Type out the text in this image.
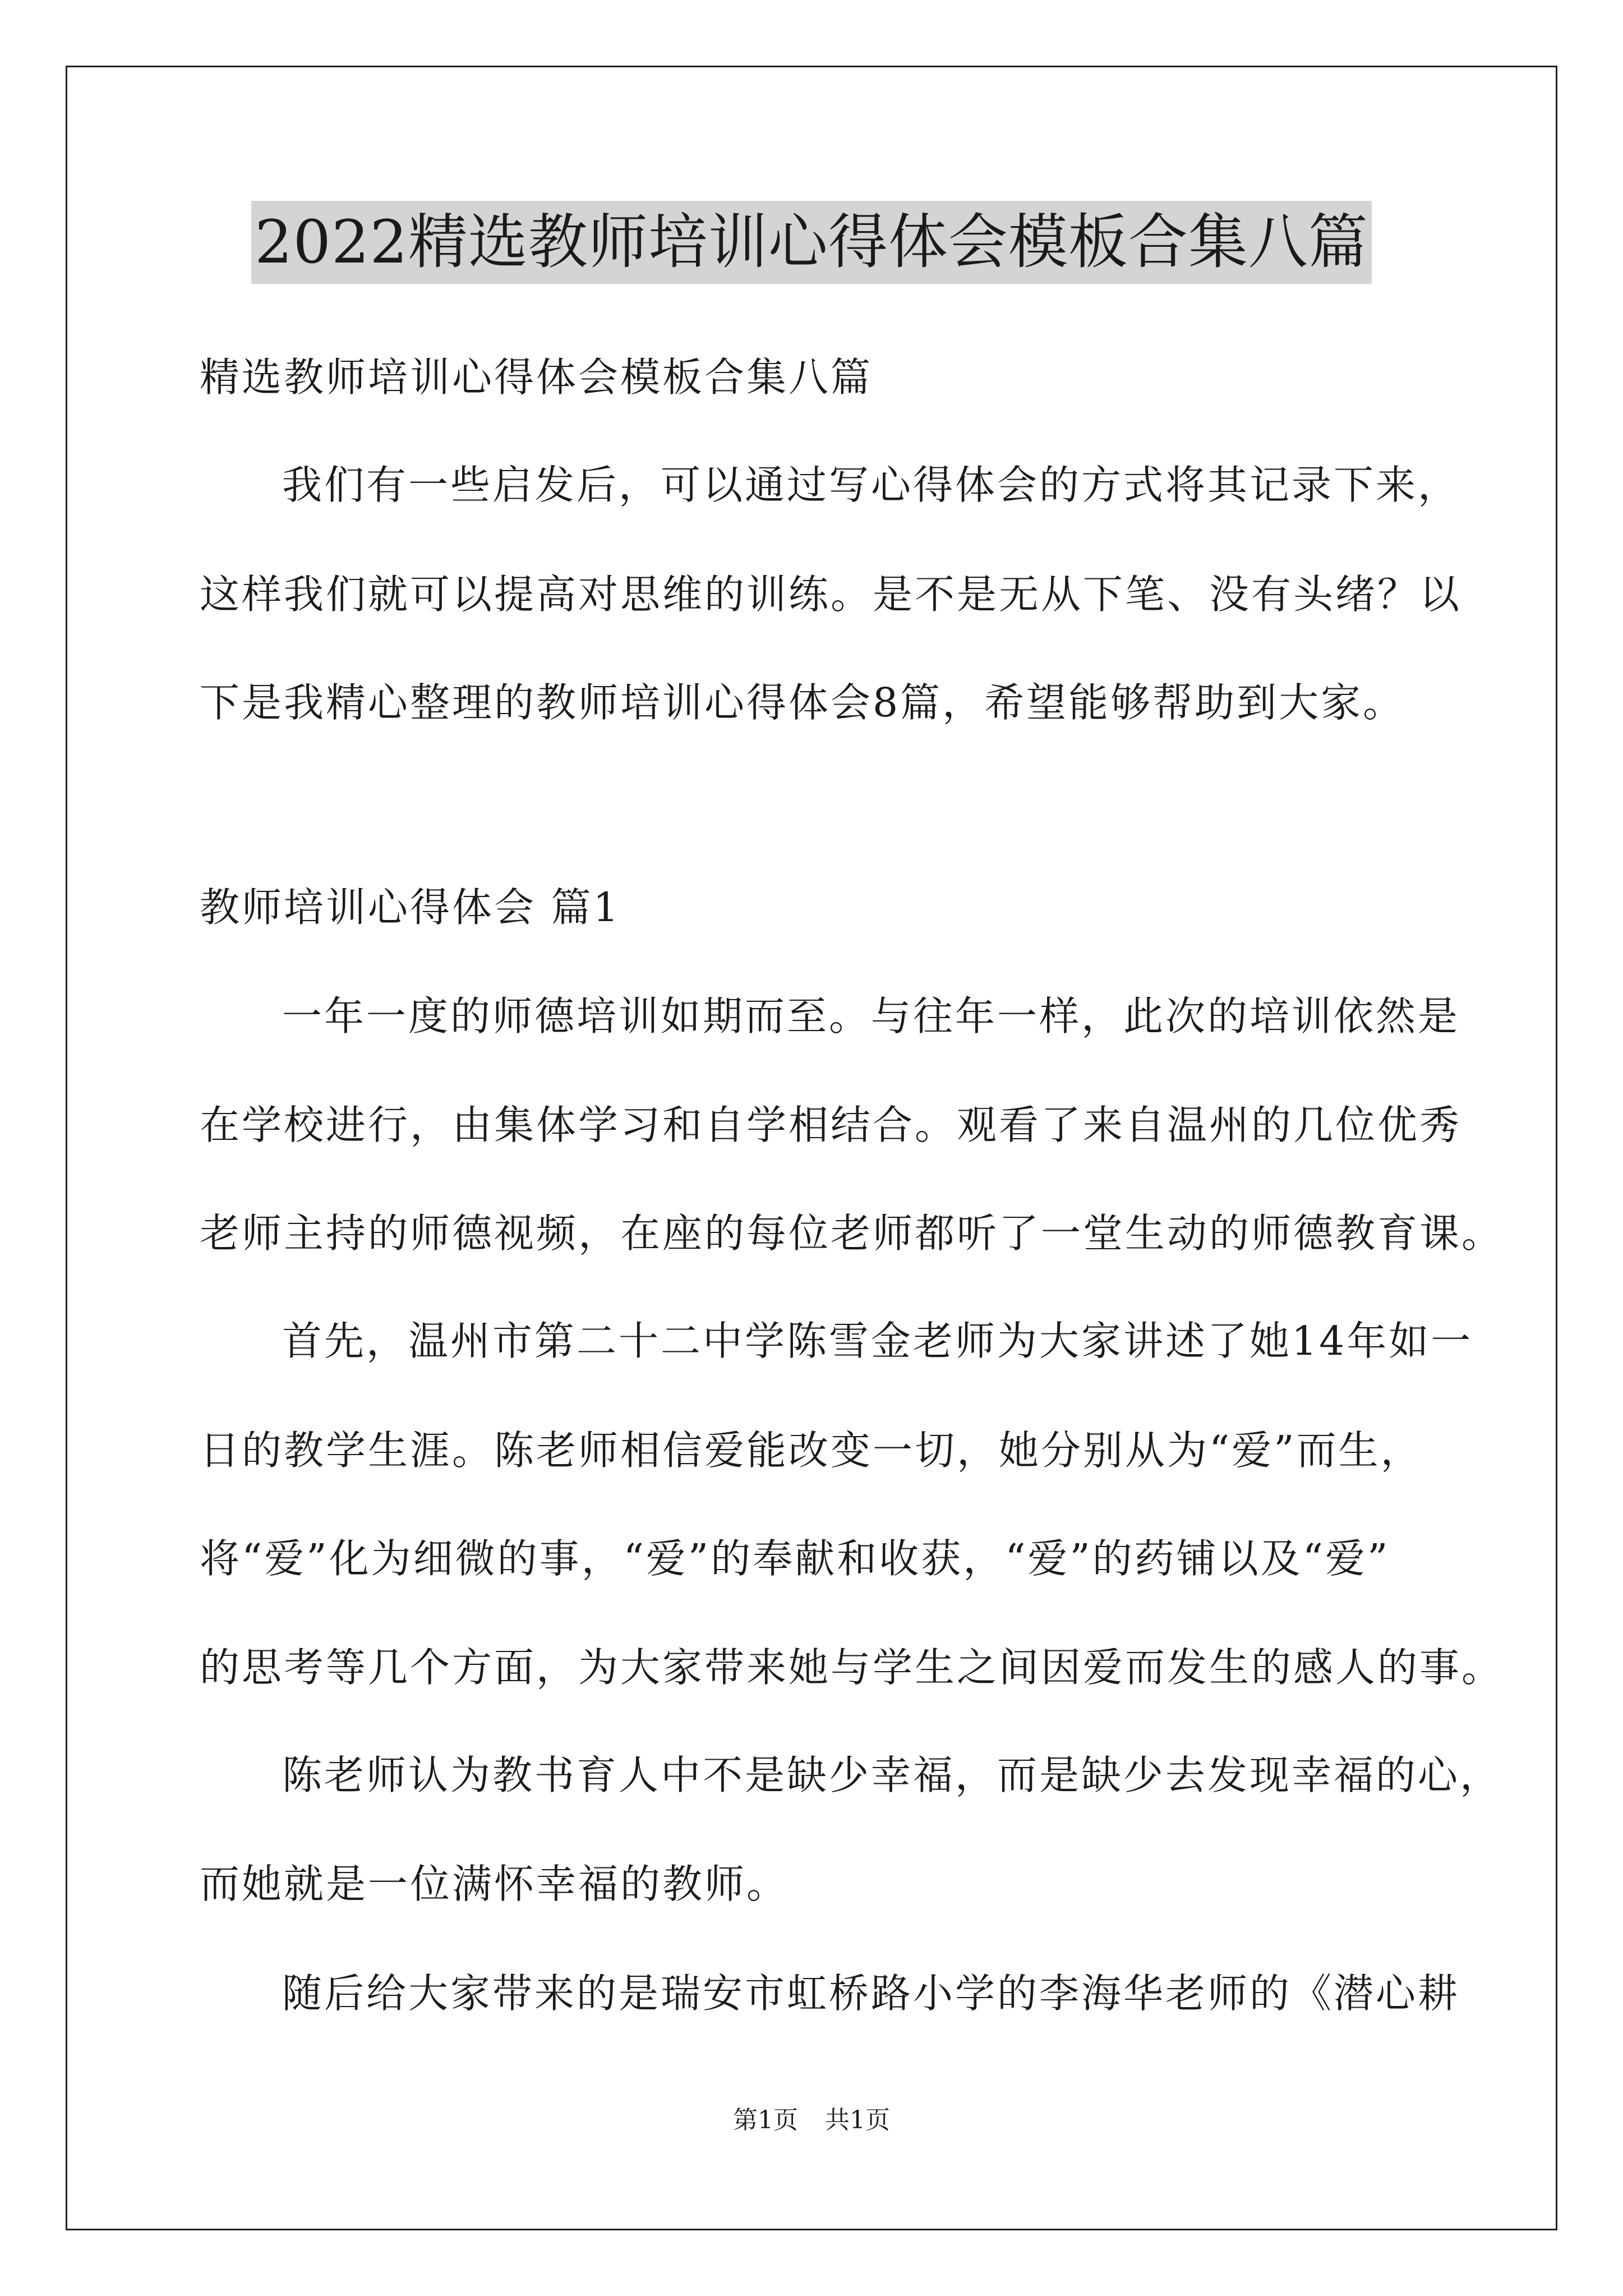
2022精选教师培训心得体会模板合集八篇
精选教师培训心得体会模板合集八篇
我们有一些启发后，可以通过写心得体会的方式将其记录下来，
这样我们就可以提高对思维的训练。是不是无从下笔、没有头绪？以
下是我精心整理的教师培训心得体会8篇，希望能够帮助到大家。
教师培训心得体会 篇1
一年一度的师德培训如期而至。与往年一样，此次的培训依然是
在学校进行，由集体学习和自学相结合。观看了来自温州的几位优秀
老师主持的师德视频，在座的每位老师都听了一堂生动的师德教育课。
首先，温州市第二十二中学陈雪金老师为大家讲述了她14年如一
日的教学生涯。陈老师相信爱能改变一切，她分别从为“爱”而生，
将“爱”化为细微的事，“爱”的奉献和收获，“爱”的药铺以及“爱”
的思考等几个方面，为大家带来她与学生之间因爱而发生的感人的事。
陈老师认为教书育人中不是缺少幸福，而是缺少去发现幸福的心，
而她就是一位满怀幸福的教师。
随后给大家带来的是瑞安市虹桥路小学的李海华老师的《潜心耕
第1页 共1页
